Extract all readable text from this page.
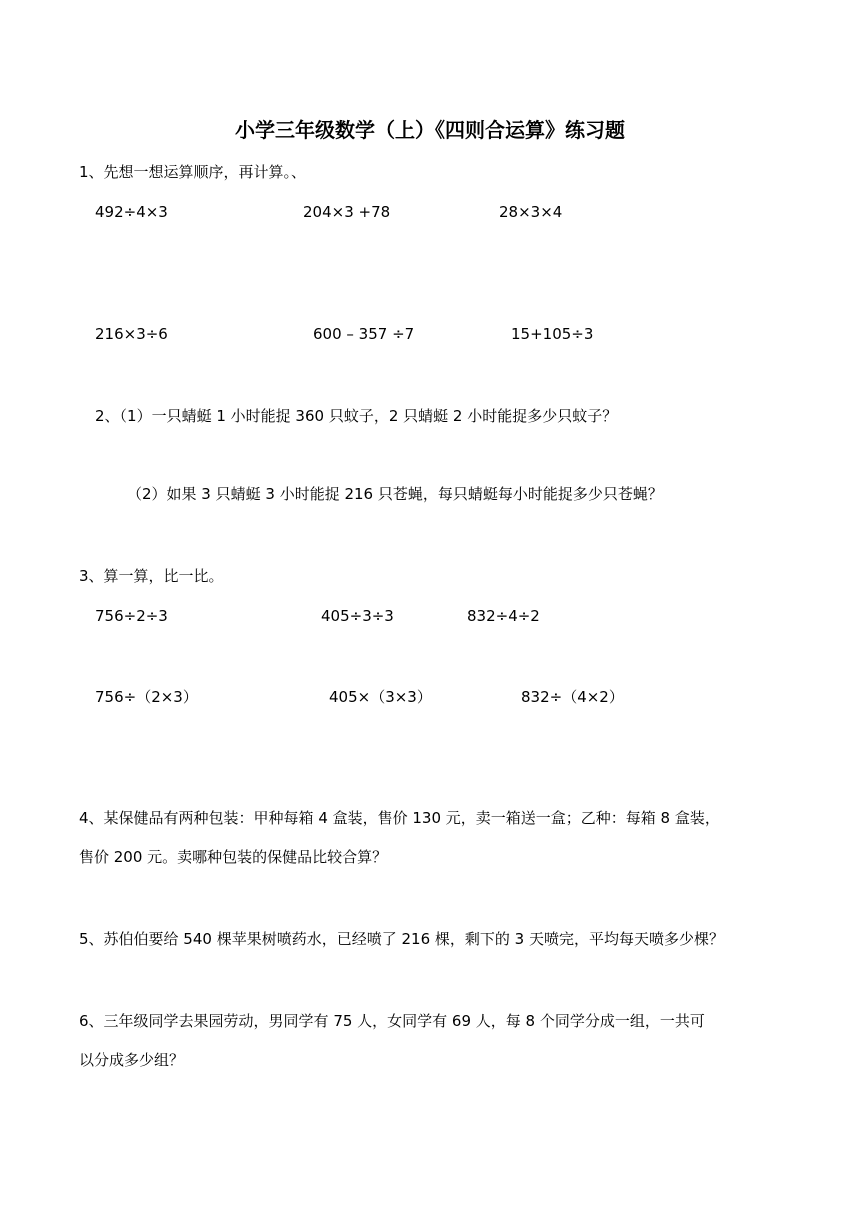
小学三年级数学（上）《四则合运算》练习题
1、先想一想运算顺序，再计算。、
492÷4×3	204×3 +78	28×3×4
216×3÷6	600 – 357 ÷7	15+105÷3
2、（1）一只蜻蜓 1 小时能捉 360 只蚊子，2 只蜻蜓 2 小时能捉多少只蚊子？
（2）如果 3 只蜻蜓 3 小时能捉 216 只苍蝇，每只蜻蜓每小时能捉多少只苍蝇？
3、算一算，比一比。
756÷2÷3	405÷3÷3	832÷4÷2
756÷（2×3）	405×（3×3）	832÷（4×2）
4、某保健品有两种包装：甲种每箱 4 盒装，售价 130 元，卖一箱送一盒；乙种：每箱 8 盒装，
售价 200 元。卖哪种包装的保健品比较合算？
5、苏伯伯要给 540 棵苹果树喷药水，已经喷了 216 棵，剩下的 3 天喷完，平均每天喷多少棵？
6、三年级同学去果园劳动，男同学有 75 人，女同学有 69 人，每 8 个同学分成一组，一共可
以分成多少组？
